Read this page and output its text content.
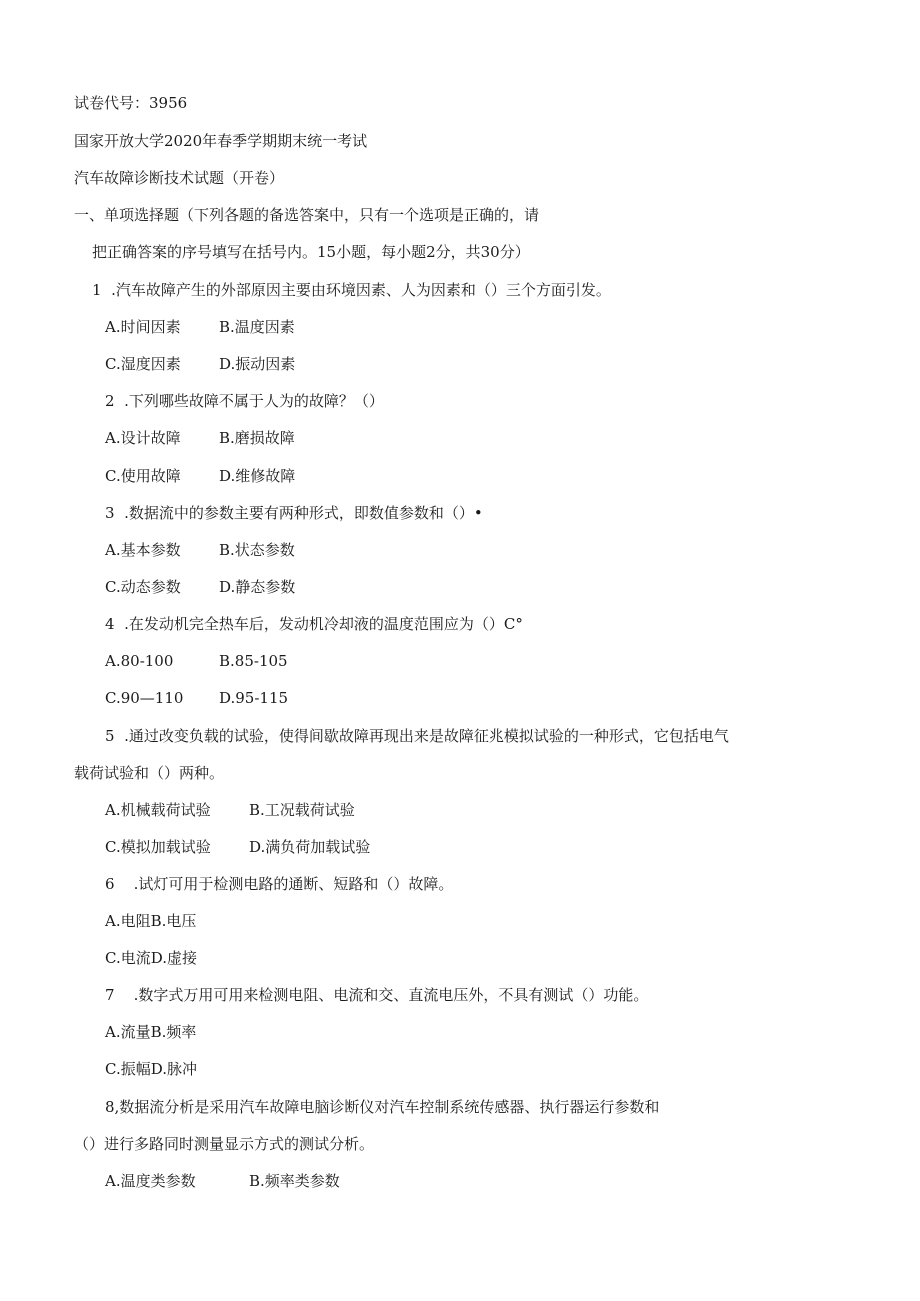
试卷代号：3956
国家开放大学2020年春季学期期末统一考试
汽车故障诊断技术试题（开卷）
一、单项选择题（下列各题的备选答案中，只有一个选项是正确的，请
把正确答案的序号填写在括号内。15小题，每小题2分，共30分）
1  .汽车故障产生的外部原因主要由环境因素、人为因素和（）三个方面引发。
A.时间因素	B.温度因素
C.湿度因素	D.振动因素
2  .下列哪些故障不属于人为的故障？（）
A.设计故障	B.磨损故障
C.使用故障	D.维修故障
3  .数据流中的参数主要有两种形式，即数值参数和（）•
A.基本参数	B.状态参数
C.动态参数	D.静态参数
4  .在发动机完全热车后，发动机冷却液的温度范围应为（）C°
A.80-100	B.85-105
C.90—110 D.95-115
5  .通过改变负载的试验，使得间歇故障再现出来是故障征兆模拟试验的一种形式，它包括电气
载荷试验和（）两种。
A.机械载荷试验	B.工况载荷试验
C.模拟加载试验	D.满负荷加载试验
6    .试灯可用于检测电路的通断、短路和（）故障。
A.电阻B.电压
C.电流D.虚接
7    .数字式万用可用来检测电阻、电流和交、直流电压外，不具有测试（）功能。
A.流量B.频率
C.振幅D.脉冲
8,数据流分析是采用汽车故障电脑诊断仪对汽车控制系统传感器、执行器运行参数和
（）进行多路同时测量显示方式的测试分析。
A.温度类参数	B.频率类参数
